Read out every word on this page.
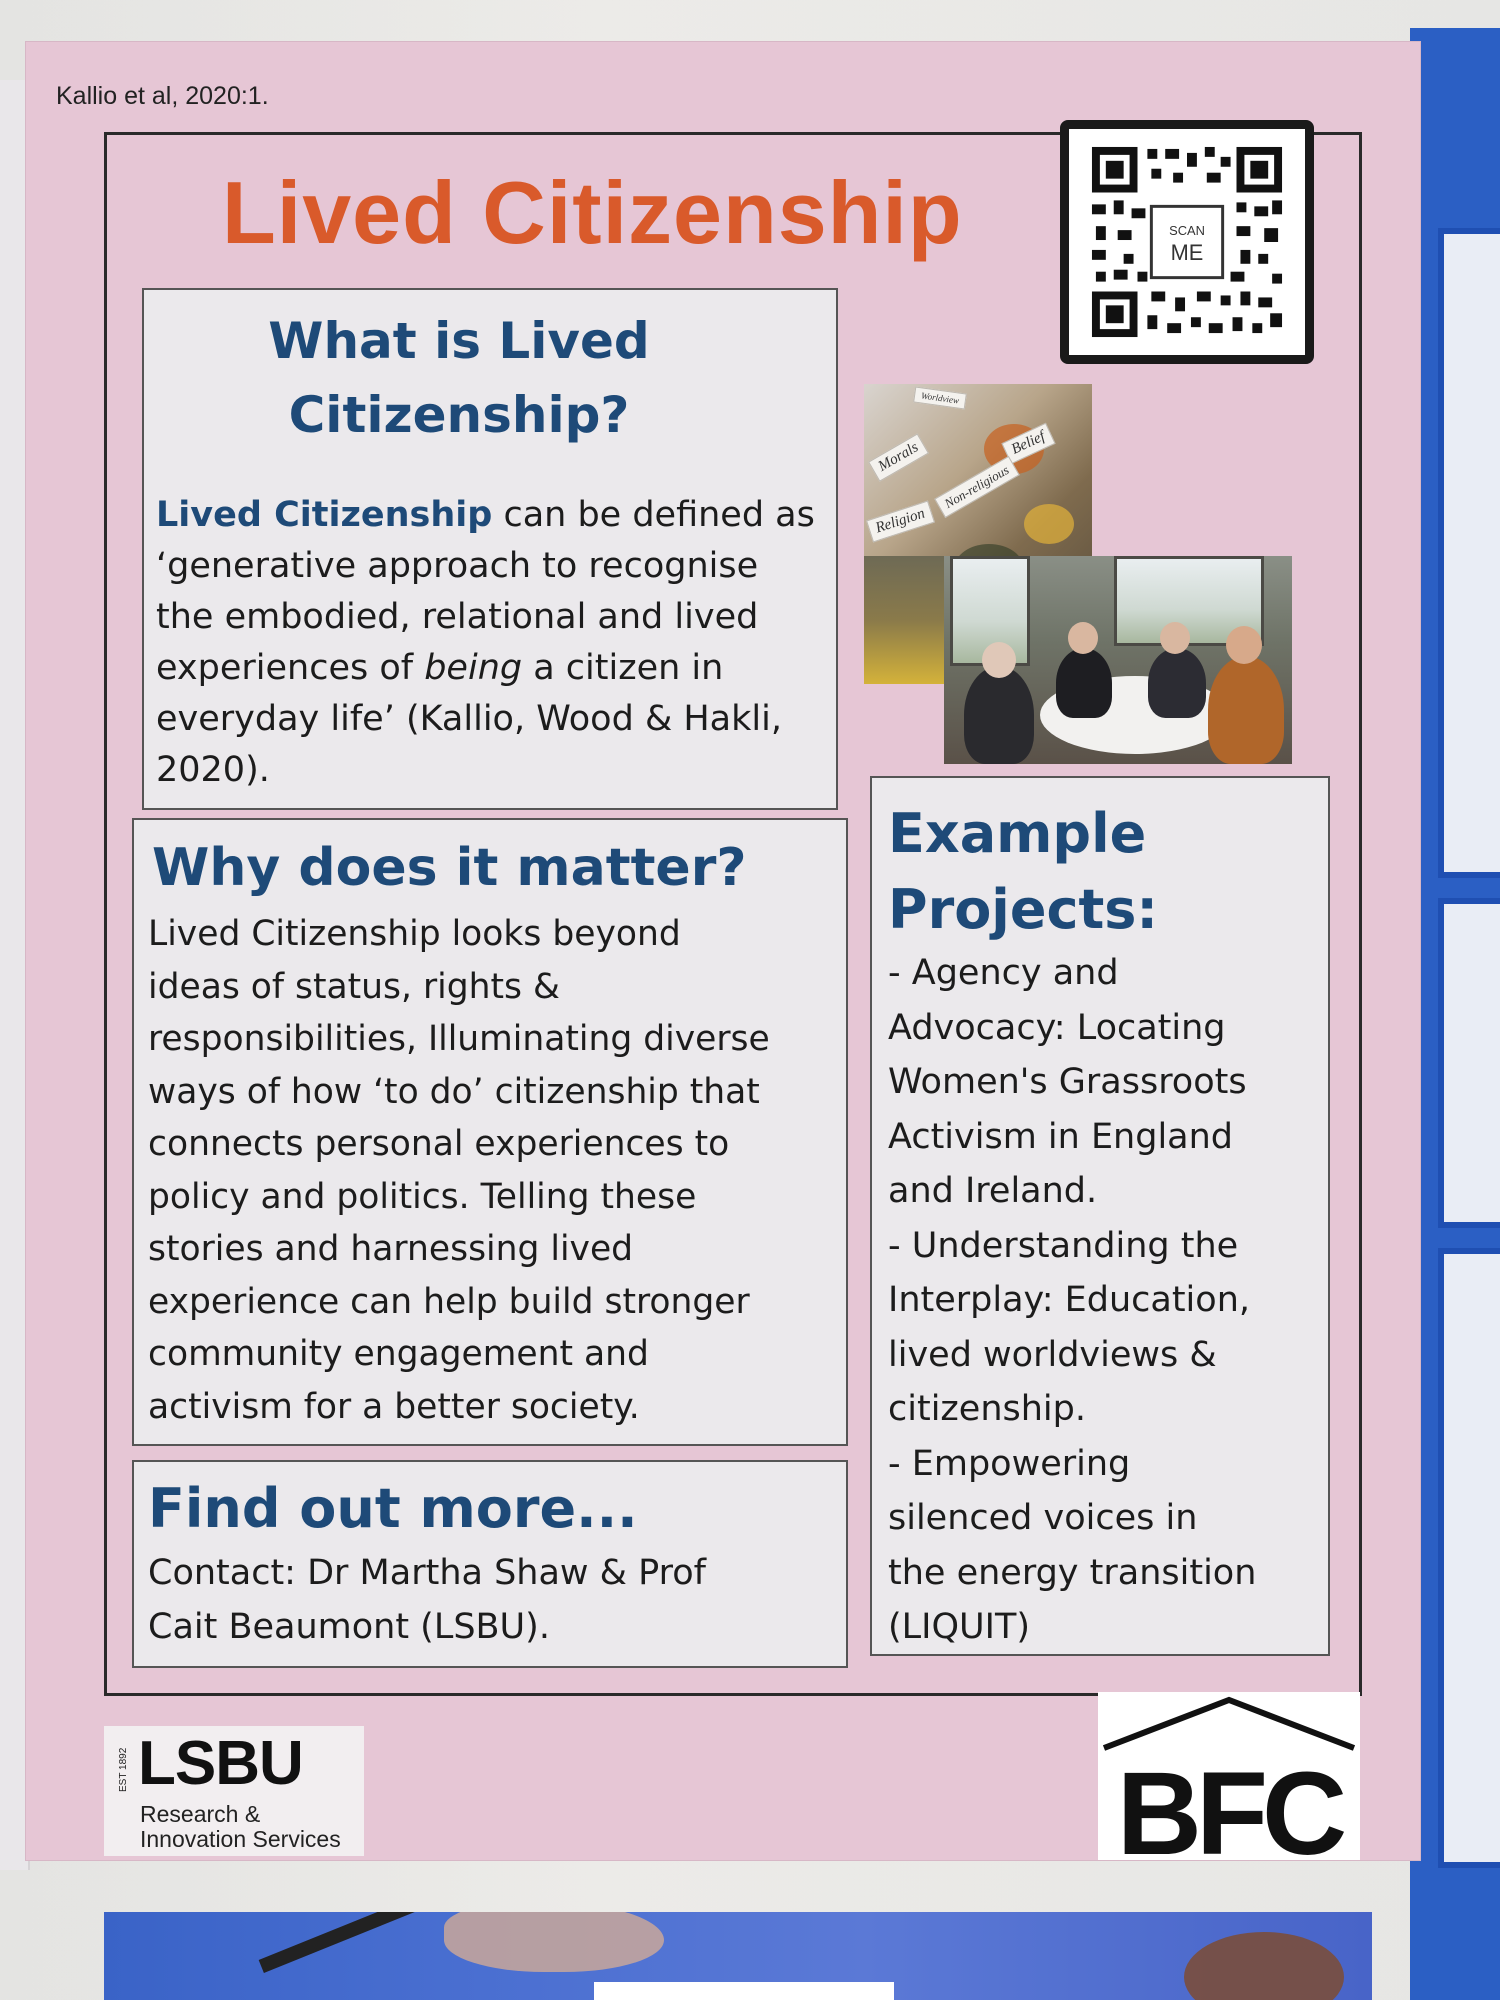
Kallio et al, 2020:1.
Lived Citizenship	SCAN
ME
What is Lived
Citizenship?

Lived Citizenship can be defined as
‘generative approach to recognise
the embodied, relational and lived
experiences of being a citizen in
everyday life’ (Kallio, Wood & Hakli,
2020).

Morals	Belief
Non-religious
Religion
Worldview
Why does it matter?

Lived Citizenship looks beyond
ideas of status, rights &
responsibilities, Illuminating diverse
ways of how ‘to do’ citizenship that
connects personal experiences to
policy and politics. Telling these
stories and harnessing lived
experience can help build stronger
community engagement and
activism for a better society.

Find out more...

Contact: Dr Martha Shaw & Prof
Cait Beaumont (LSBU).

Example
Projects:
- Agency and
Advocacy: Locating
Women's Grassroots
Activism in England
and Ireland.
- Understanding the
Interplay: Education,
lived worldviews &
citizenship.
- Empowering
silenced voices in
the energy transition
(LIQUIT)
EST 1892 LSBU
Research &
Innovation Services	BFC
